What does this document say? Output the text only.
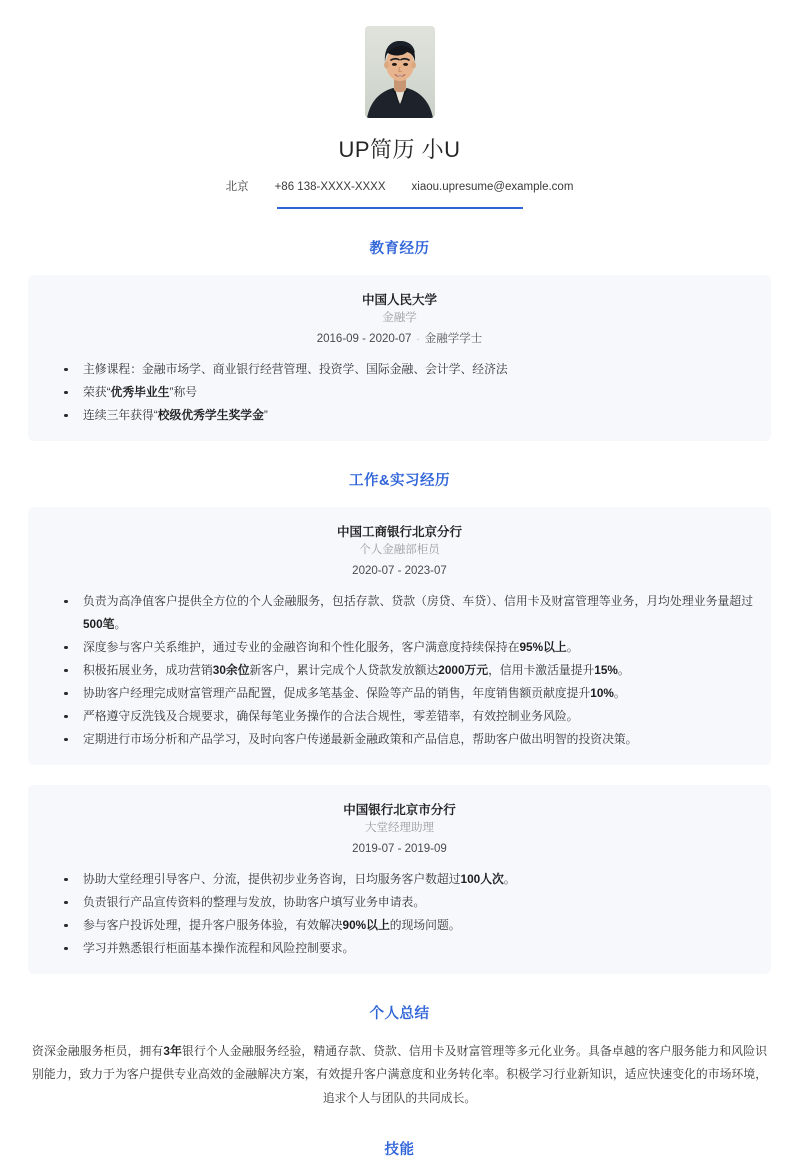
UP简历 小U
北京 +86 138-XXXX-XXXX xiaou.upresume@example.com
教育经历
中国人民大学
金融学
2016-09 - 2020-07 · 金融学学士
主修课程：金融市场学、商业银行经营管理、投资学、国际金融、会计学、经济法
荣获“优秀毕业生”称号
连续三年获得“校级优秀学生奖学金”
工作&实习经历
中国工商银行北京分行
个人金融部柜员
2020-07 - 2023-07
负责为高净值客户提供全方位的个人金融服务，包括存款、贷款（房贷、车贷）、信用卡及财富管理等业务，月均处理业务量超过500笔。
深度参与客户关系维护，通过专业的金融咨询和个性化服务，客户满意度持续保持在95%以上。
积极拓展业务，成功营销30余位新客户，累计完成个人贷款发放额达2000万元，信用卡激活量提升15%。
协助客户经理完成财富管理产品配置，促成多笔基金、保险等产品的销售，年度销售额贡献度提升10%。
严格遵守反洗钱及合规要求，确保每笔业务操作的合法合规性，零差错率，有效控制业务风险。
定期进行市场分析和产品学习，及时向客户传递最新金融政策和产品信息，帮助客户做出明智的投资决策。
中国银行北京市分行
大堂经理助理
2019-07 - 2019-09
协助大堂经理引导客户、分流，提供初步业务咨询，日均服务客户数超过100人次。
负责银行产品宣传资料的整理与发放，协助客户填写业务申请表。
参与客户投诉处理，提升客户服务体验，有效解决90%以上的现场问题。
学习并熟悉银行柜面基本操作流程和风险控制要求。
个人总结
资深金融服务柜员，拥有3年银行个人金融服务经验，精通存款、贷款、信用卡及财富管理等多元化业务。具备卓越的客户服务能力和风险识别能力，致力于为客户提供专业高效的金融解决方案，有效提升客户满意度和业务转化率。积极学习行业新知识，适应快速变化的市场环境，追求个人与团队的共同成长。
技能
